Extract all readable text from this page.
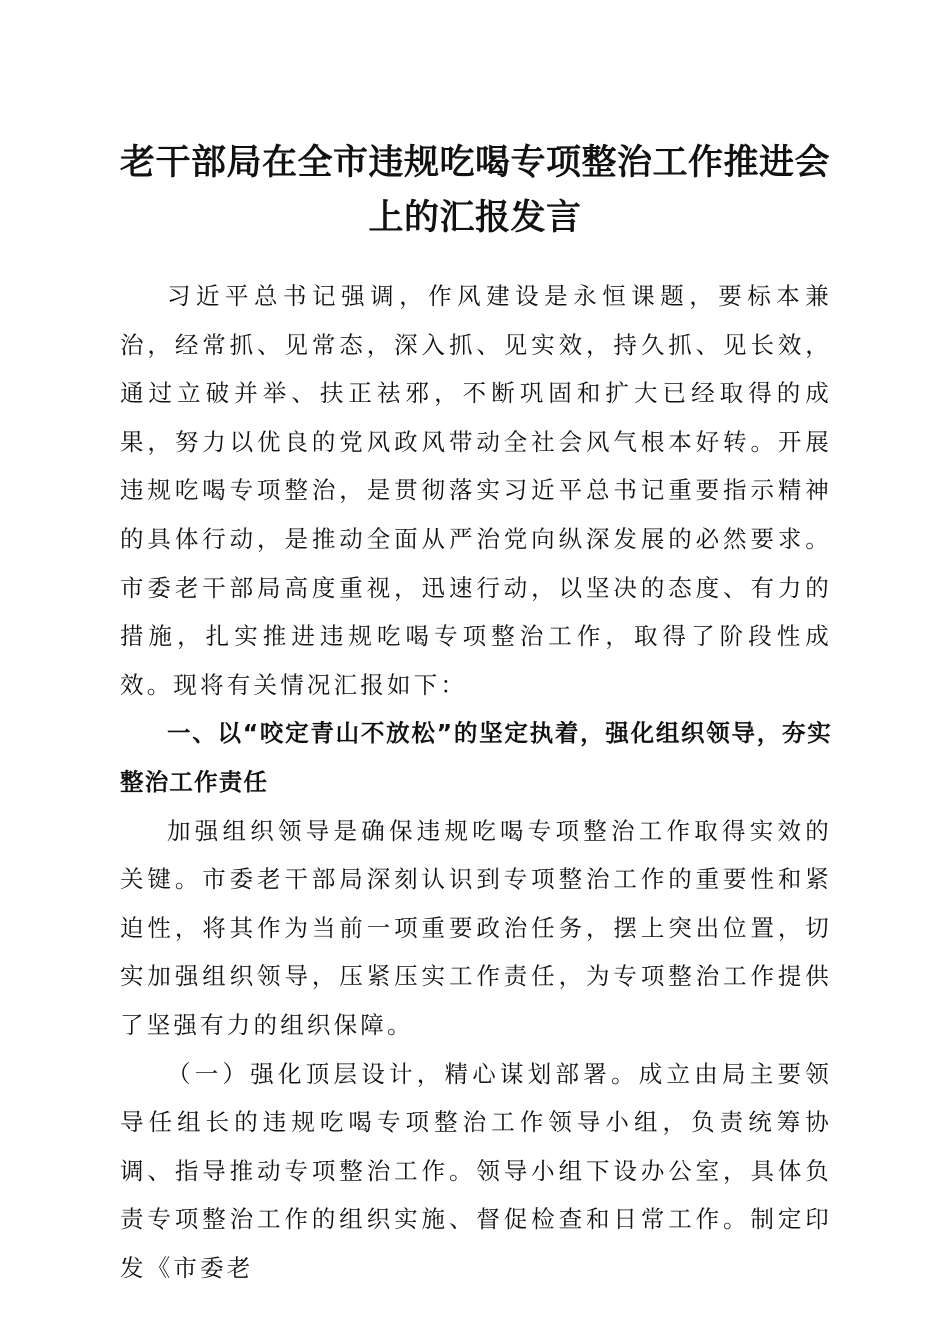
老干部局在全市违规吃喝专项整治工作推进会上的汇报发言

习近平总书记强调，作风建设是永恒课题，要标本兼治，经常抓、见常态，深入抓、见实效，持久抓、见长效，通过立破并举、扶正祛邪，不断巩固和扩大已经取得的成果，努力以优良的党风政风带动全社会风气根本好转。开展违规吃喝专项整治，是贯彻落实习近平总书记重要指示精神的具体行动，是推动全面从严治党向纵深发展的必然要求。市委老干部局高度重视，迅速行动，以坚决的态度、有力的措施，扎实推进违规吃喝专项整治工作，取得了阶段性成效。现将有关情况汇报如下：

一、以“咬定青山不放松”的坚定执着，强化组织领导，夯实整治工作责任

加强组织领导是确保违规吃喝专项整治工作取得实效的关键。市委老干部局深刻认识到专项整治工作的重要性和紧迫性，将其作为当前一项重要政治任务，摆上突出位置，切实加强组织领导，压紧压实工作责任，为专项整治工作提供了坚强有力的组织保障。

（一）强化顶层设计，精心谋划部署。成立由局主要领导任组长的违规吃喝专项整治工作领导小组，负责统筹协调、指导推动专项整治工作。领导小组下设办公室，具体负责专项整治工作的组织实施、督促检查和日常工作。制定印发《市委老
